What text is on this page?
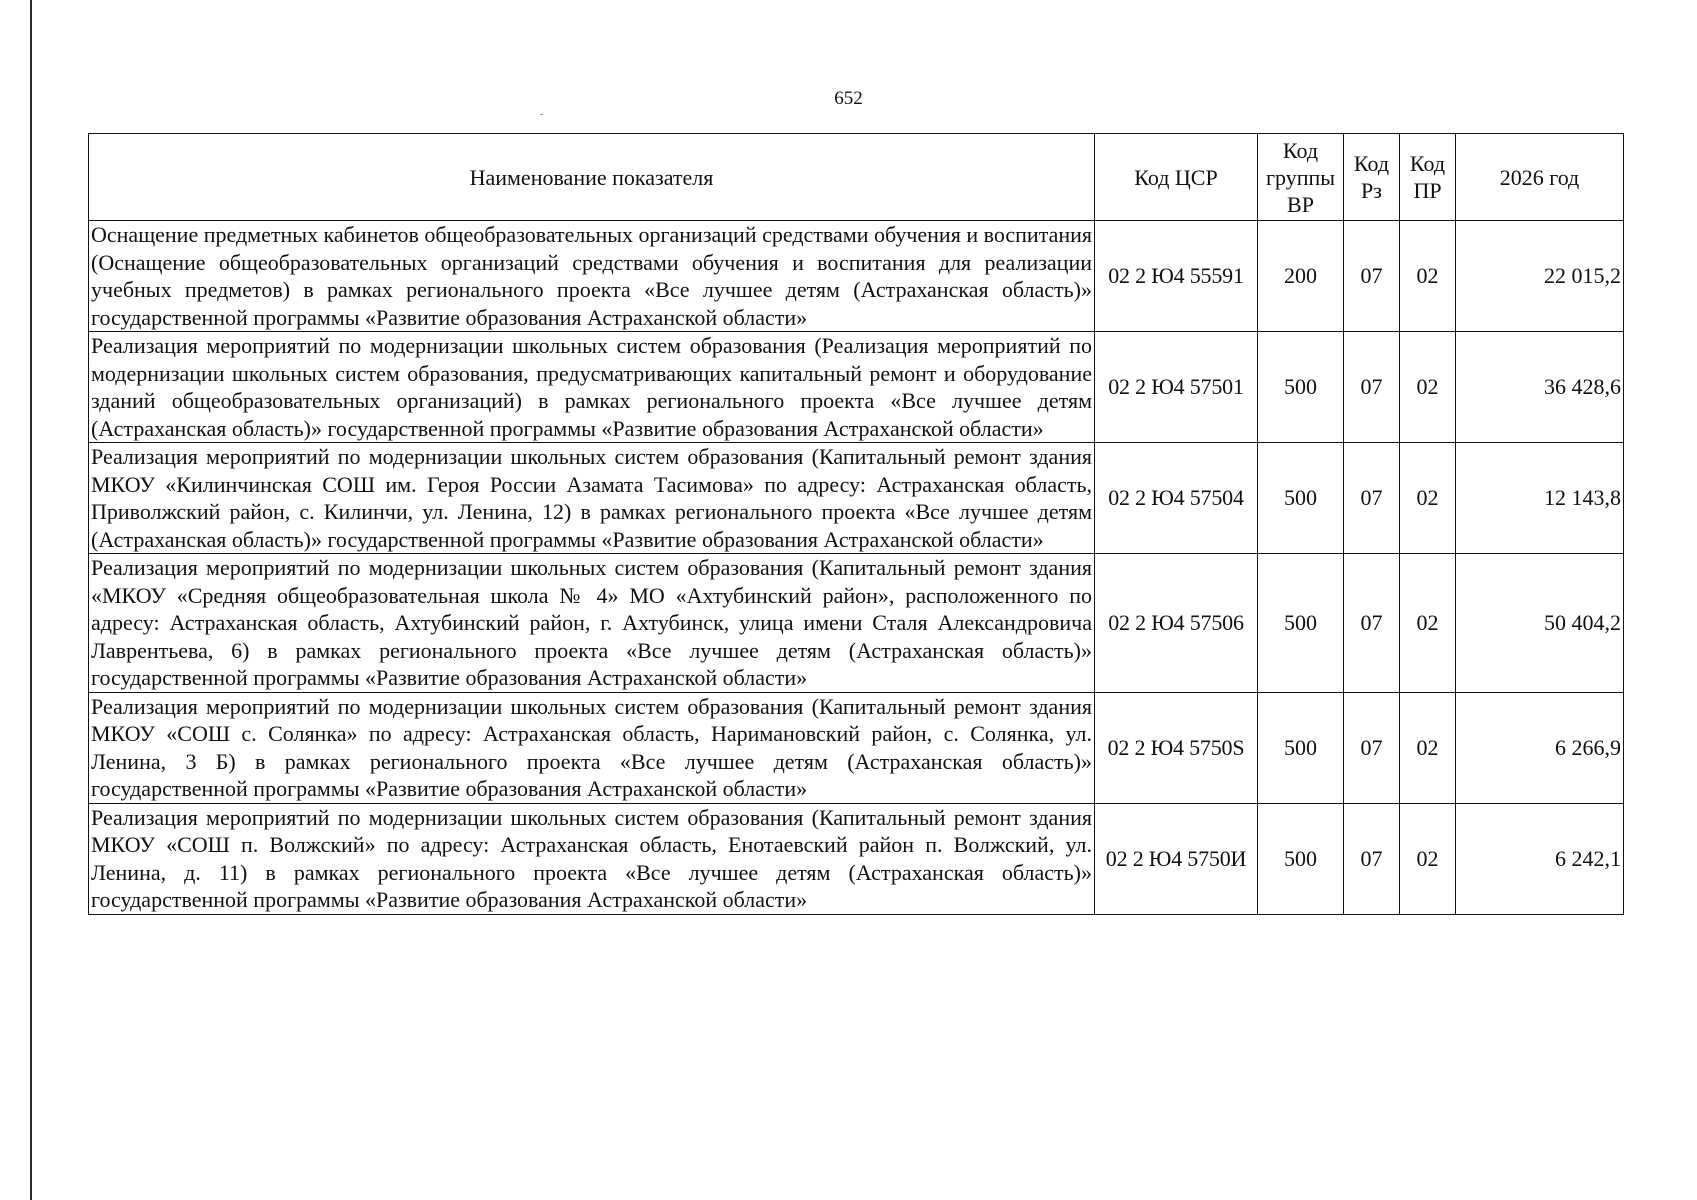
652
Наименование показателя	Код ЦСР	Код группы ВР	Код Рз	Код ПР	2026 год
Оснащение предметных кабинетов общеобразовательных организаций средствами обучения и воспитания (Оснащение общеобразовательных организаций средствами обучения и воспитания для реализации учебных предметов) в рамках регионального проекта «Все лучшее детям (Астраханская область)» государственной программы «Развитие образования Астраханской области»	02 2 Ю4 55591	200	07	02	22 015,2
Реализация мероприятий по модернизации школьных систем образования (Реализация мероприятий по модернизации школьных систем образования, предусматривающих капитальный ремонт и оборудование зданий общеобразовательных организаций) в рамках регионального проекта «Все лучшее детям (Астраханская область)» государственной программы «Развитие образования Астраханской области»	02 2 Ю4 57501	500	07	02	36 428,6
Реализация мероприятий по модернизации школьных систем образования (Капитальный ремонт здания МКОУ «Килинчинская СОШ им. Героя России Азамата Тасимова» по адресу: Астраханская область, Приволжский район, с. Килинчи, ул. Ленина, 12) в рамках регионального проекта «Все лучшее детям (Астраханская область)» государственной программы «Развитие образования Астраханской области»	02 2 Ю4 57504	500	07	02	12 143,8
Реализация мероприятий по модернизации школьных систем образования (Капитальный ремонт здания «МКОУ «Средняя общеобразовательная школа № 4» МО «Ахтубинский район», расположенного по адресу: Астраханская область, Ахтубинский район, г. Ахтубинск, улица имени Сталя Александровича Лаврентьева, 6) в рамках регионального проекта «Все лучшее детям (Астраханская область)» государственной программы «Развитие образования Астраханской области»	02 2 Ю4 57506	500	07	02	50 404,2
Реализация мероприятий по модернизации школьных систем образования (Капитальный ремонт здания МКОУ «СОШ с. Солянка» по адресу: Астраханская область, Наримановский район, с. Солянка, ул. Ленина, 3 Б) в рамках регионального проекта «Все лучшее детям (Астраханская область)» государственной программы «Развитие образования Астраханской области»	02 2 Ю4 5750S	500	07	02	6 266,9
Реализация мероприятий по модернизации школьных систем образования (Капитальный ремонт здания МКОУ «СОШ п. Волжский» по адресу: Астраханская область, Енотаевский район п. Волжский, ул. Ленина, д. 11) в рамках регионального проекта «Все лучшее детям (Астраханская область)» государственной программы «Развитие образования Астраханской области»	02 2 Ю4 5750И	500	07	02	6 242,1
